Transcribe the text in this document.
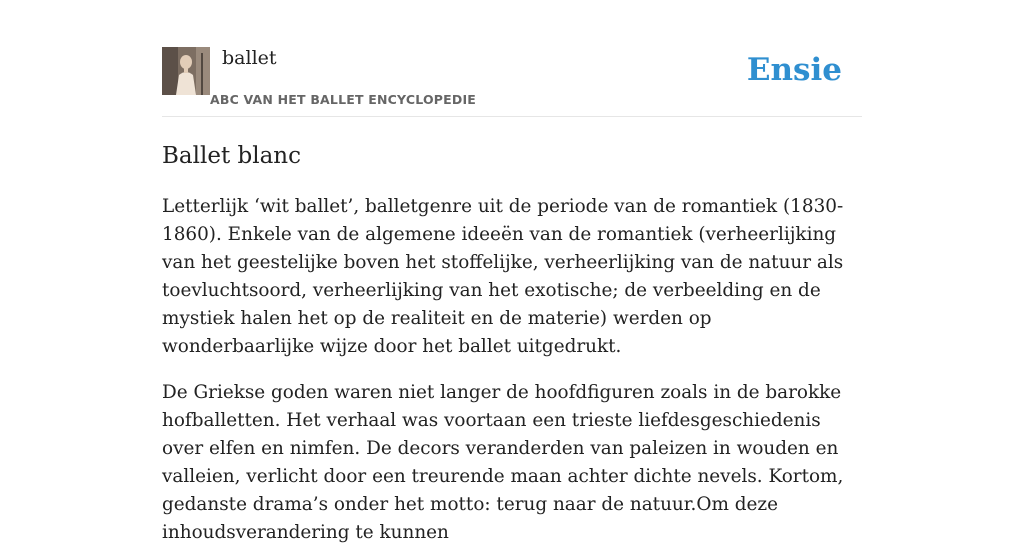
ballet
ABC VAN HET BALLET ENCYCLOPEDIE
Ensie
Ballet blanc

Letterlijk ‘wit ballet’, balletgenre uit de periode van de romantiek (1830-1860). Enkele van de algemene ideeën van de romantiek (verheerlijking van het geestelijke boven het stoffelijke, verheerlijking van de natuur als toevluchtsoord, verheerlijking van het exotische; de verbeelding en de mystiek halen het op de realiteit en de materie) werden op wonderbaarlijke wijze door het ballet uitgedrukt.

De Griekse goden waren niet langer de hoofdfiguren zoals in de barokke hofballetten. Het verhaal was voortaan een trieste liefdesgeschiedenis over elfen en nimfen. De decors veranderden van paleizen in wouden en valleien, verlicht door een treurende maan achter dichte nevels. Kortom, gedanste drama’s onder het motto: terug naar de natuur.Om deze inhoudsverandering te kunnen
